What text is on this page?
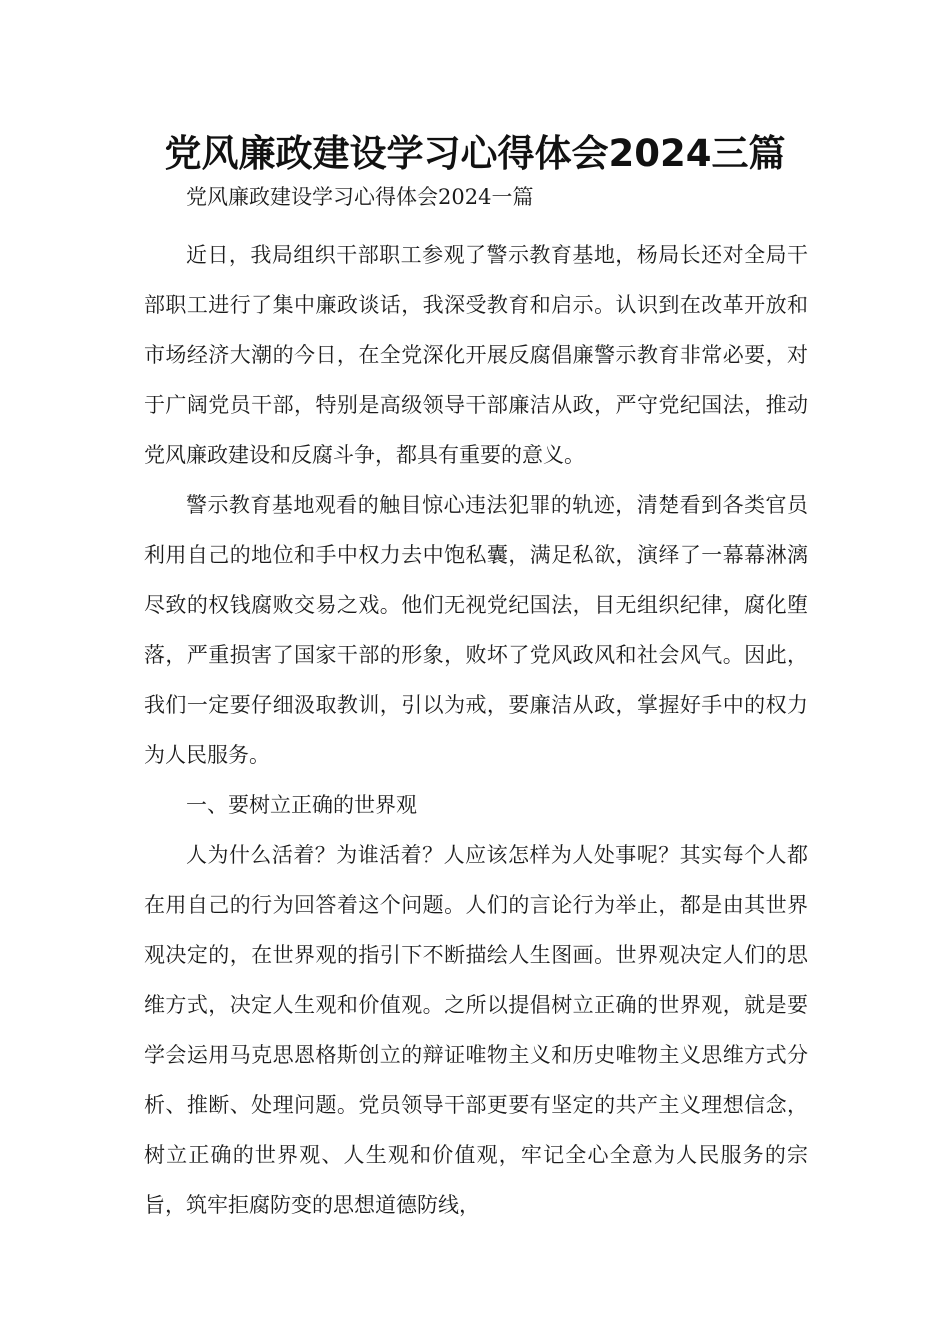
党风廉政建设学习心得体会2024三篇

党风廉政建设学习心得体会2024一篇

近日，我局组织干部职工参观了警示教育基地，杨局长还对全局干部职工进行了集中廉政谈话，我深受教育和启示。认识到在改革开放和市场经济大潮的今日，在全党深化开展反腐倡廉警示教育非常必要，对于广阔党员干部，特别是高级领导干部廉洁从政，严守党纪国法，推动党风廉政建设和反腐斗争，都具有重要的意义。

警示教育基地观看的触目惊心违法犯罪的轨迹，清楚看到各类官员利用自己的地位和手中权力去中饱私囊，满足私欲，演绎了一幕幕淋漓尽致的权钱腐败交易之戏。他们无视党纪国法，目无组织纪律，腐化堕落，严重损害了国家干部的形象，败坏了党风政风和社会风气。因此，我们一定要仔细汲取教训，引以为戒，要廉洁从政，掌握好手中的权力为人民服务。

一、要树立正确的世界观

人为什么活着？为谁活着？人应该怎样为人处事呢？其实每个人都在用自己的行为回答着这个问题。人们的言论行为举止，都是由其世界观决定的，在世界观的指引下不断描绘人生图画。世界观决定人们的思维方式，决定人生观和价值观。之所以提倡树立正确的世界观，就是要学会运用马克思恩格斯创立的辩证唯物主义和历史唯物主义思维方式分析、推断、处理问题。党员领导干部更要有坚定的共产主义理想信念，树立正确的世界观、人生观和价值观，牢记全心全意为人民服务的宗旨，筑牢拒腐防变的思想道德防线，
